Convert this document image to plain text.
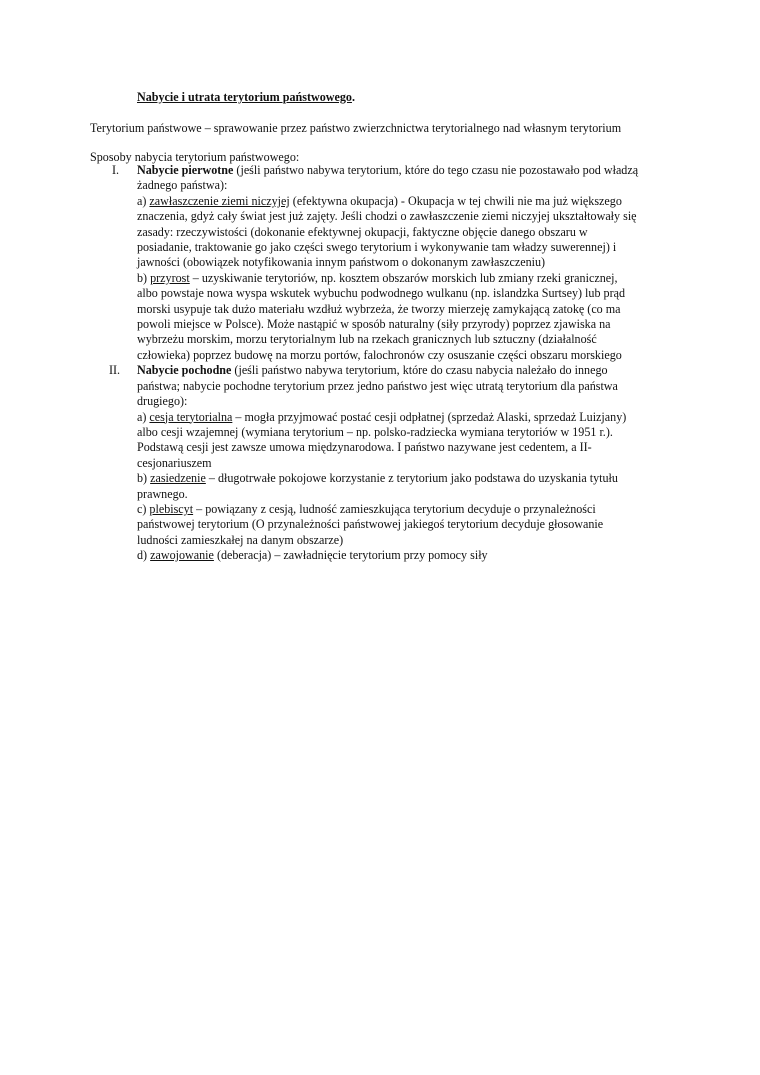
Nabycie i utrata terytorium państwowego.

Terytorium państwowe – sprawowanie przez państwo zwierzchnictwa terytorialnego nad własnym terytorium

Sposoby nabycia terytorium państwowego:

I. Nabycie pierwotne (jeśli państwo nabywa terytorium, które do tego czasu nie pozostawało pod władzą
żadnego państwa):
a) zawłaszczenie ziemi niczyjej (efektywna okupacja) - Okupacja w tej chwili nie ma już większego
znaczenia, gdyż cały świat jest już zajęty. Jeśli chodzi o zawłaszczenie ziemi niczyjej ukształtowały się
zasady: rzeczywistości (dokonanie efektywnej okupacji, faktyczne objęcie danego obszaru w
posiadanie, traktowanie go jako części swego terytorium i wykonywanie tam władzy suwerennej) i
jawności (obowiązek notyfikowania innym państwom o dokonanym zawłaszczeniu)
b) przyrost – uzyskiwanie terytoriów, np. kosztem obszarów morskich lub zmiany rzeki granicznej,
albo powstaje nowa wyspa wskutek wybuchu podwodnego wulkanu (np. islandzka Surtsey) lub prąd
morski usypuje tak dużo materiału wzdłuż wybrzeża, że tworzy mierzeję zamykającą zatokę (co ma
powoli miejsce w Polsce). Może nastąpić w sposób naturalny (siły przyrody) poprzez zjawiska na
wybrzeżu morskim, morzu terytorialnym lub na rzekach granicznych lub sztuczny (działalność
człowieka) poprzez budowę na morzu portów, falochronów czy osuszanie części obszaru morskiego
II. Nabycie pochodne (jeśli państwo nabywa terytorium, które do czasu nabycia należało do innego
państwa; nabycie pochodne terytorium przez jedno państwo jest więc utratą terytorium dla państwa
drugiego):
a) cesja terytorialna – mogła przyjmować postać cesji odpłatnej (sprzedaż Alaski, sprzedaż Luizjany)
albo cesji wzajemnej (wymiana terytorium – np. polsko-radziecka wymiana terytoriów w 1951 r.).
Podstawą cesji jest zawsze umowa międzynarodowa. I państwo nazywane jest cedentem, a II-
cesjonariuszem
b) zasiedzenie – długotrwałe pokojowe korzystanie z terytorium jako podstawa do uzyskania tytułu
prawnego.
c) plebiscyt – powiązany z cesją, ludność zamieszkująca terytorium decyduje o przynależności
państwowej terytorium (O przynależności państwowej jakiegoś terytorium decyduje głosowanie
ludności zamieszkałej na danym obszarze)
d) zawojowanie (deberacja) – zawładnięcie terytorium przy pomocy siły
